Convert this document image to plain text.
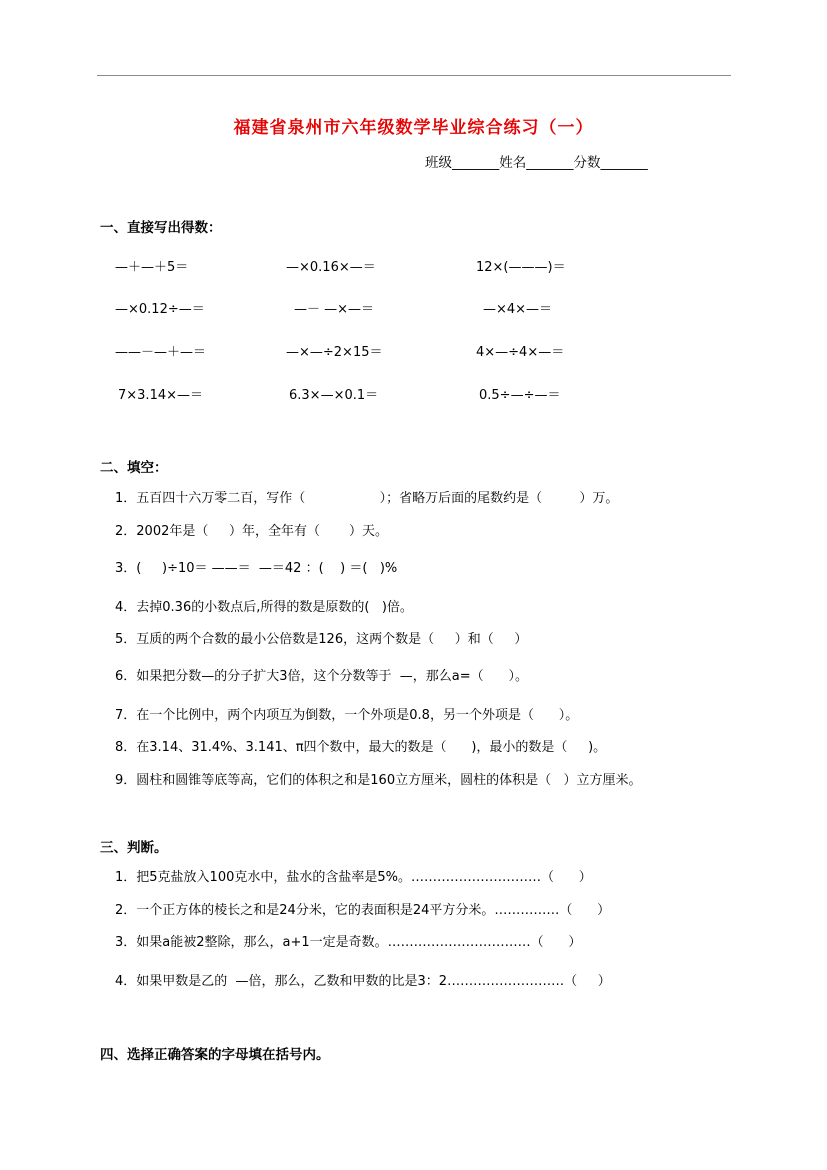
福建省泉州市六年级数学毕业综合练习（一）
班级_______姓名_______分数_______
一、直接写出得数：
—＋—＋5＝	—×0.16×—＝	12×(———)＝
—×0.12÷—＝	—－ —×—＝	—×4×—＝
——－—＋—＝	—×—÷2×15＝	4×—÷4×—＝
7×3.14×—＝	6.3×—×0.1＝	0.5÷—÷—＝
二、填空：
1．五百四十六万零二百，写作（                  ）；省略万后面的尾数约是（         ）万。
2．2002年是（     ）年，全年有（       ）天。
3．(     )÷10＝ ——＝  —＝42 ：(    ) ＝(   )%
4．去掉0.36的小数点后,所得的数是原数的(   )倍。
5．互质的两个合数的最小公倍数是126，这两个数是（     ）和（     ）
6．如果把分数—的分子扩大3倍，这个分数等于  —，那么a=（      ）。
7．在一个比例中，两个内项互为倒数，一个外项是0.8，另一个外项是（      ）。
8．在3.14、31.4%、3.141、π四个数中，最大的数是（      )，最小的数是（     )。
9．圆柱和圆锥等底等高，它们的体积之和是160立方厘米，圆柱的体积是（   ）立方厘米。
三、判断。
1．把5克盐放入100克水中，盐水的含盐率是5%。…………………………（      ）
2．一个正方体的棱长之和是24分米，它的表面积是24平方分米。……………（      ）
3．如果a能被2整除，那么，a+1一定是奇数。……………………………（      ）
4．如果甲数是乙的  —倍，那么，乙数和甲数的比是3：2………………………（     ）
四、选择正确答案的字母填在括号内。
